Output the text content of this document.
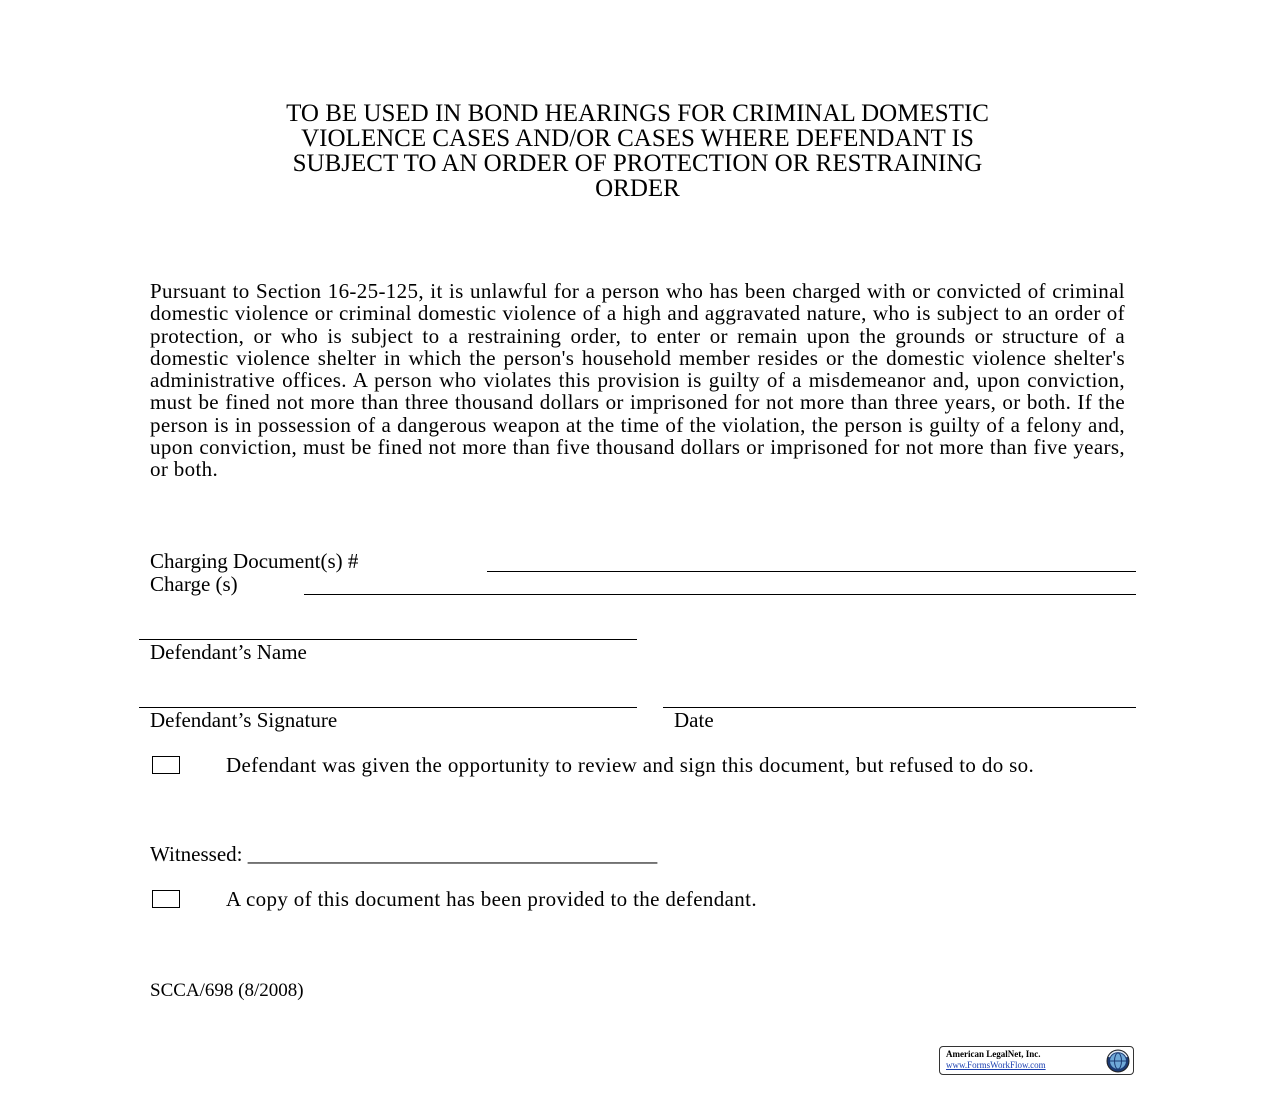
TO BE USED IN BOND HEARINGS FOR CRIMINAL DOMESTIC
VIOLENCE CASES AND/OR CASES WHERE DEFENDANT IS
SUBJECT TO AN ORDER OF PROTECTION OR RESTRAINING
ORDER
Pursuant to Section 16-25-125, it is unlawful for a person who has been charged with or convicted of criminal domestic violence or criminal domestic violence of a high and aggravated nature, who is subject to an order of protection, or who is subject to a restraining order, to enter or remain upon the grounds or structure of a domestic violence shelter in which the person's household member resides or the domestic violence shelter's administrative offices. A person who violates this provision is guilty of a misdemeanor and, upon conviction, must be fined not more than three thousand dollars or imprisoned for not more than three years, or both. If the person is in possession of a dangerous weapon at the time of the violation, the person is guilty of a felony and, upon conviction, must be fined not more than five thousand dollars or imprisoned for not more than five years, or both.
Charging Document(s) #
Charge (s)
Defendant’s Name
Defendant’s Signature	Date
Defendant was given the opportunity to review and sign this document, but refused to do so.
Witnessed: _______________________________________
A copy of this document has been provided to the defendant.
SCCA/698 (8/2008)
American LegalNet, Inc.
www.FormsWorkFlow.com
